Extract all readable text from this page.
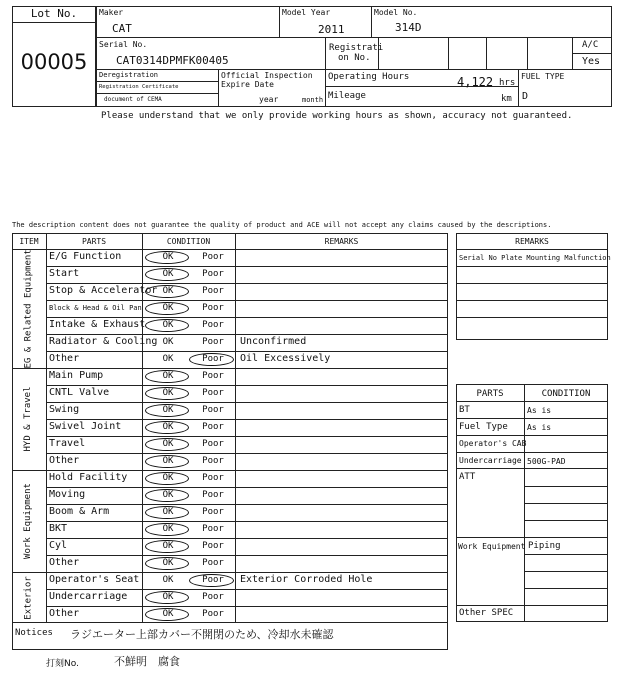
Lot No.
00005
Maker
CAT
Model Year
2011
Model No.
314D
Serial No.
CAT0314DPMFK00405
Registrati
on No.
A/C
Yes
Deregistration
Registration Certificate
document of CEMA
Official Inspection
Expire Date
year	month
Operating Hours	4,122 hrs
Mileage	km
FUEL TYPE
D
Please understand that we only provide working hours as shown, accuracy not guaranteed.
The description content does not guarantee the quality of product and ACE will not accept any claims caused by the descriptions.
ITEM	PARTS	CONDITION	REMARKS
EG & Related Equipment E/G Function	OK	Poor
Start	OK	Poor
Stop & Accelerator OK	Poor
Block & Head & Oil Pan	OK	Poor
Intake & Exhaust	OK	Poor
Radiator & Cooling OK	Poor Unconfirmed
Other	OK	Poor Oil Excessively
HYD & Travel
Main Pump	OK	Poor
CNTL Valve	OK	Poor
Swing	OK	Poor
Swivel Joint	OK	Poor
Travel	OK	Poor
Other	OK	Poor
Work Equipment
Hold Facility	OK	Poor
Moving	OK	Poor
Boom & Arm	OK	Poor
BKT	OK	Poor
Cyl	OK	Poor
Other	OK	Poor
Exterior Operator's Seat	OK	Poor Exterior Corroded Hole
Undercarriage	OK	Poor
Other	OK	Poor
REMARKS
Serial No Plate Mounting Malfunction
PARTS	CONDITION
BT	As is
Fuel Type As is
Operator's CAB
Undercarriage 500G-PAD
ATT
Work Equipment Piping
Other SPEC
Notices ラジエーター上部カバー不開閉のため、冷却水未確認
打刻No.	不鮮明　腐食
